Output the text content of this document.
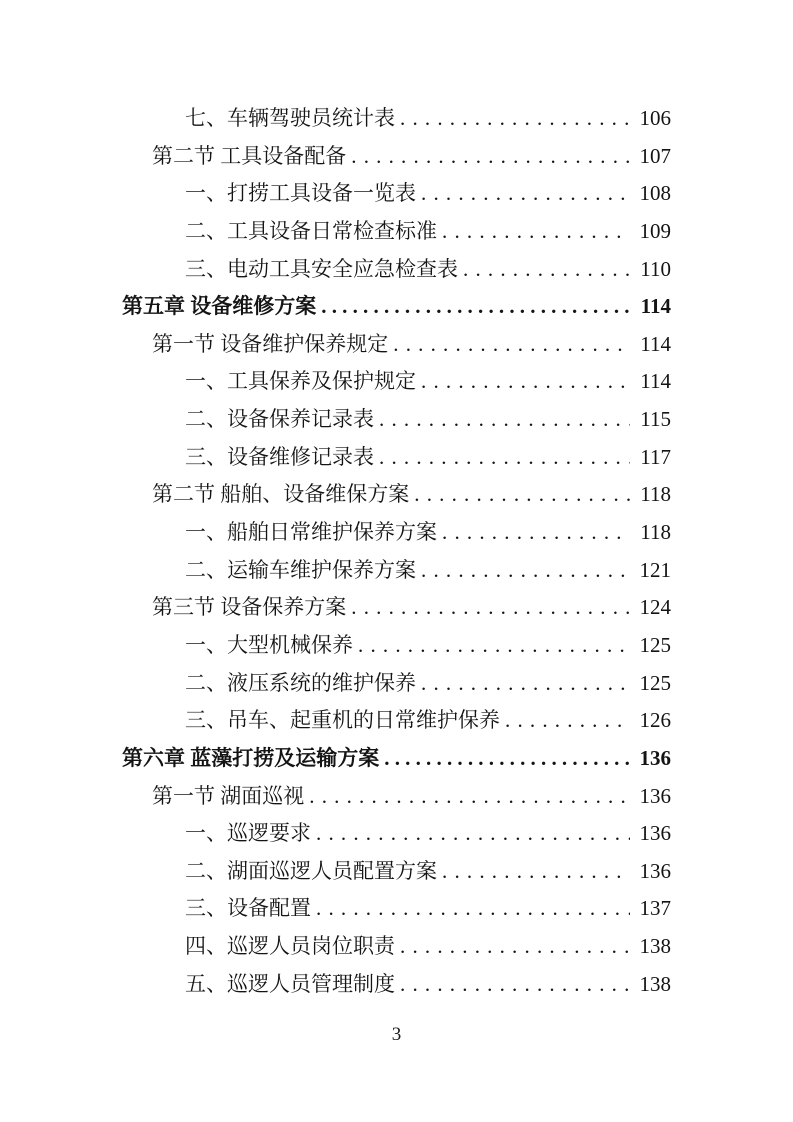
七、车辆驾驶员统计表 .....	106
第二节 工具设备配备 .....	107
一、打捞工具设备一览表 .....	108
二、工具设备日常检查标准 .....	109
三、电动工具安全应急检查表 .....	110
第五章 设备维修方案 .....	114
第一节 设备维护保养规定 .....	114
一、工具保养及保护规定 .....	114
二、设备保养记录表 .....	115
三、设备维修记录表 .....	117
第二节 船舶、设备维保方案 .....	118
一、船舶日常维护保养方案 .....	118
二、运输车维护保养方案 .....	121
第三节 设备保养方案 .....	124
一、大型机械保养 .....	125
二、液压系统的维护保养 .....	125
三、吊车、起重机的日常维护保养 .....	126
第六章 蓝藻打捞及运输方案 .....	136
第一节 湖面巡视 .....	136
一、巡逻要求 .....	136
二、湖面巡逻人员配置方案 .....	136
三、设备配置 .....	137
四、巡逻人员岗位职责 .....	138
五、巡逻人员管理制度 .....	138
3
